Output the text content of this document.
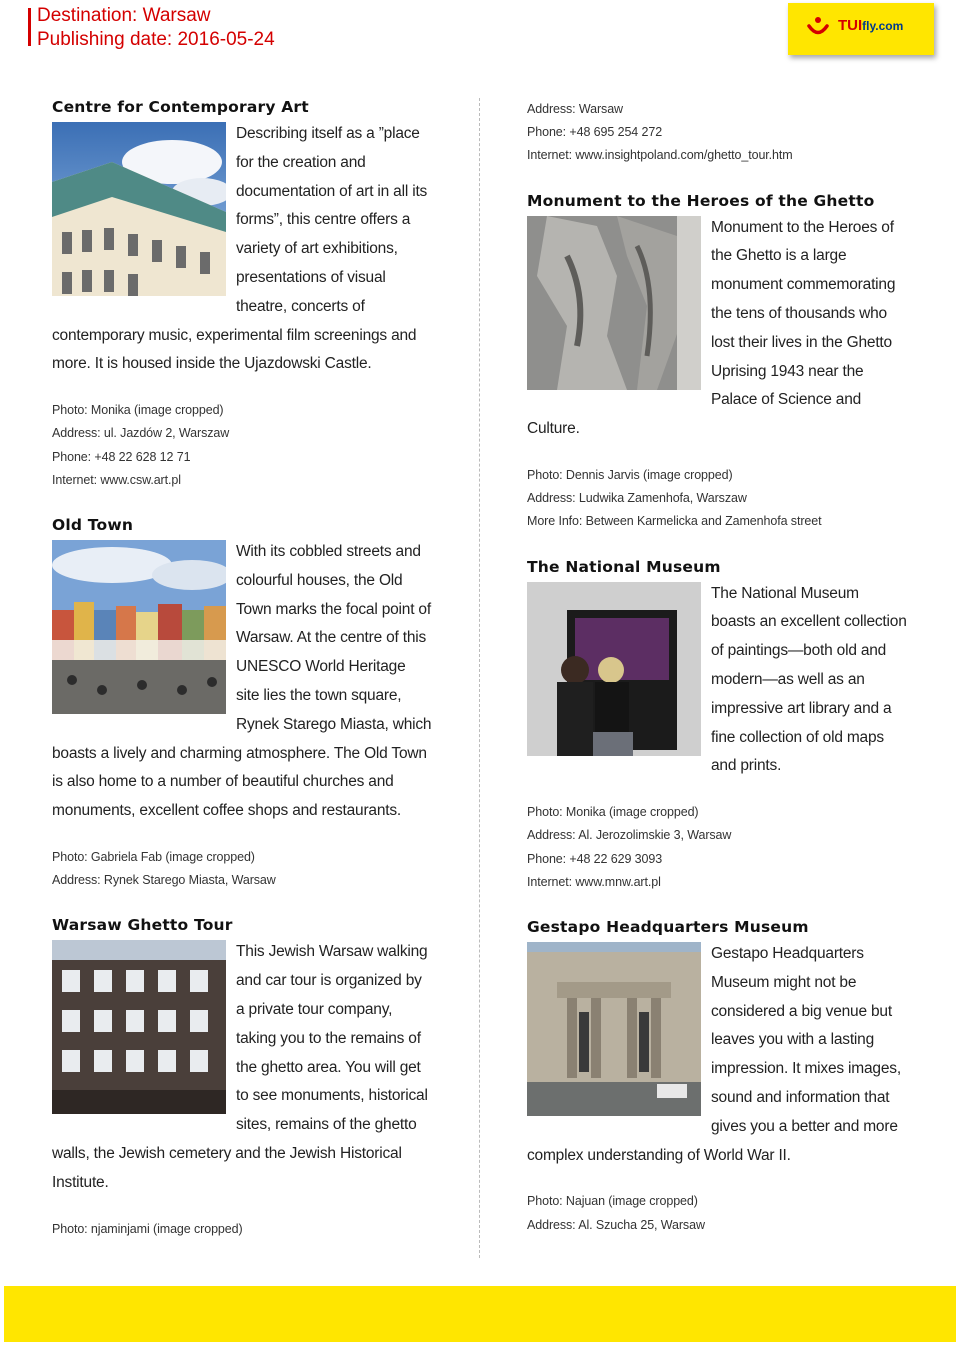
Destination: Warsaw
Publishing date: 2016-05-24
TUIfly.com
Centre for Contemporary Art

Describing itself as a ”place for the creation and documentation of art in all its forms”, this centre offers a variety of art exhibitions, presentations of visual theatre, concerts of contemporary music, experimental film screenings and more. It is housed inside the Ujazdowski Castle.

Photo: Monika (image cropped)
Address: ul. Jazdów 2, Warszaw
Phone: +48 22 628 12 71
Internet: www.csw.art.pl
Old Town

With its cobbled streets and colourful houses, the Old Town marks the focal point of Warsaw. At the centre of this UNESCO World Heritage site lies the town square, Rynek Starego Miasta, which boasts a lively and charming atmosphere. The Old Town is also home to a number of beautiful churches and monuments, excellent coffee shops and restaurants.

Photo: Gabriela Fab (image cropped)
Address: Rynek Starego Miasta, Warsaw
Warsaw Ghetto Tour

This Jewish Warsaw walking and car tour is organized by a private tour company, taking you to the remains of the ghetto area. You will get to see monuments, historical sites, remains of the ghetto walls, the Jewish cemetery and the Jewish Historical Institute.

Photo: njaminjami (image cropped)
Address: Warsaw
Phone: +48 695 254 272
Internet: www.insightpoland.com/ghetto_tour.htm
Monument to the Heroes of the Ghetto

Monument to the Heroes of the Ghetto is a large monument commemorating the tens of thousands who lost their lives in the Ghetto Uprising 1943 near the Palace of Science and Culture.

Photo: Dennis Jarvis (image cropped)
Address: Ludwika Zamenhofa, Warszaw
More Info: Between Karmelicka and Zamenhofa street
The National Museum

The National Museum boasts an excellent collection of paintings—both old and modern—as well as an impressive art library and a fine collection of old maps and prints.

Photo: Monika (image cropped)
Address: Al. Jerozolimskie 3, Warsaw
Phone: +48 22 629 3093
Internet: www.mnw.art.pl
Gestapo Headquarters Museum

Gestapo Headquarters Museum might not be considered a big venue but leaves you with a lasting impression. It mixes images, sound and information that gives you a better and more complex understanding of World War II.

Photo: Najuan (image cropped)
Address: Al. Szucha 25, Warsaw
